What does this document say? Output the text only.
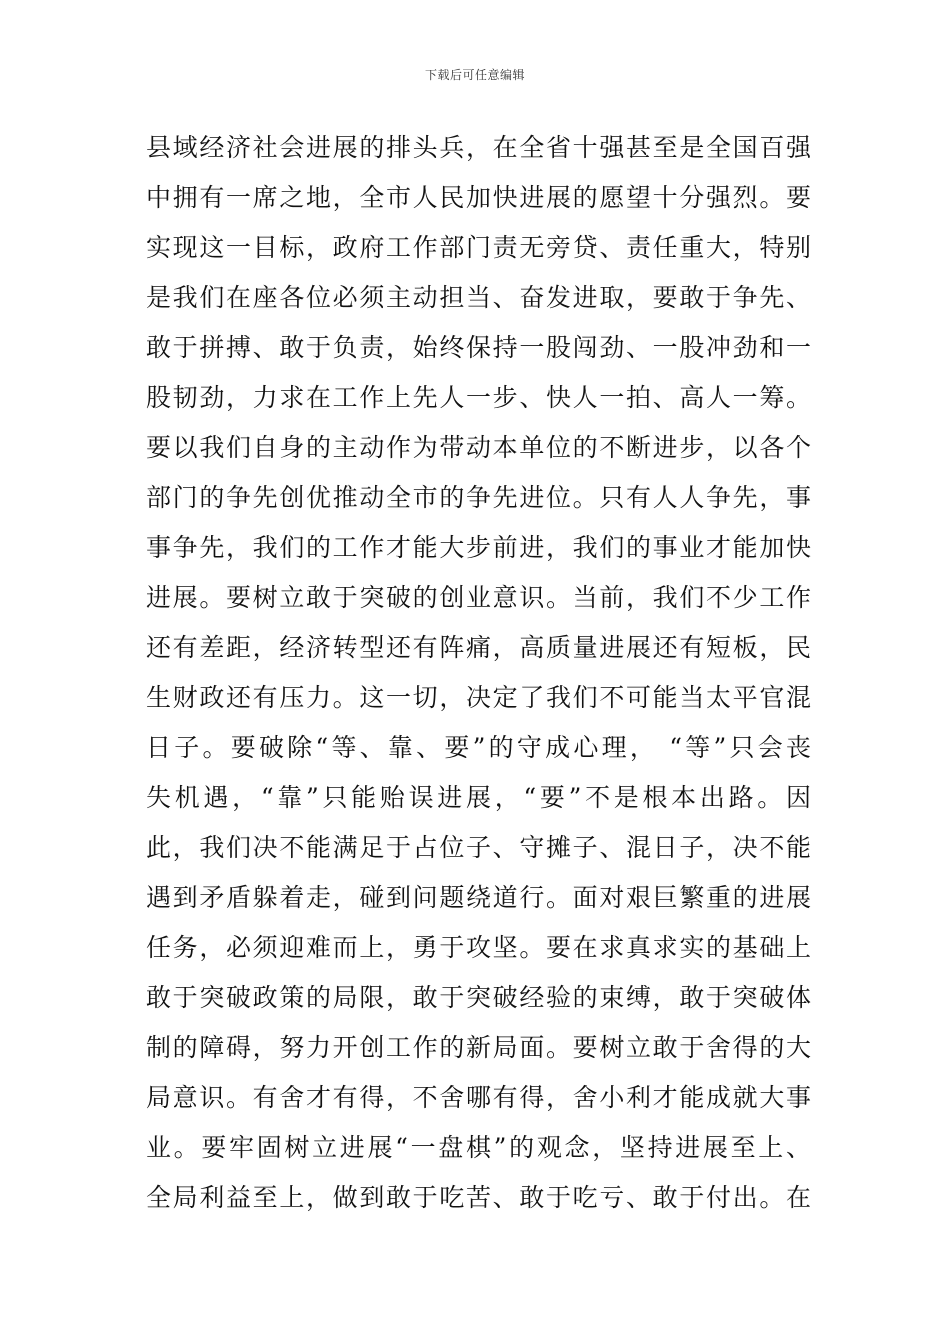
下载后可任意编辑
县域经济社会进展的排头兵，在全省十强甚至是全国百强
中拥有一席之地，全市人民加快进展的愿望十分强烈。要
实现这一目标，政府工作部门责无旁贷、责任重大，特别
是我们在座各位必须主动担当、奋发进取，要敢于争先、
敢于拼搏、敢于负责，始终保持一股闯劲、一股冲劲和一
股韧劲，力求在工作上先人一步、快人一拍、高人一筹。
要以我们自身的主动作为带动本单位的不断进步，以各个
部门的争先创优推动全市的争先进位。只有人人争先，事
事争先，我们的工作才能大步前进，我们的事业才能加快
进展。要树立敢于突破的创业意识。当前，我们不少工作
还有差距，经济转型还有阵痛，高质量进展还有短板，民
生财政还有压力。这一切，决定了我们不可能当太平官混
日子。要破除“等、靠、要”的守成心理， “等”只会丧
失机遇，“靠”只能贻误进展，“要”不是根本出路。因
此，我们决不能满足于占位子、守摊子、混日子，决不能
遇到矛盾躲着走，碰到问题绕道行。面对艰巨繁重的进展
任务，必须迎难而上，勇于攻坚。要在求真求实的基础上
敢于突破政策的局限，敢于突破经验的束缚，敢于突破体
制的障碍，努力开创工作的新局面。要树立敢于舍得的大
局意识。有舍才有得，不舍哪有得，舍小利才能成就大事
业。要牢固树立进展“一盘棋”的观念，坚持进展至上、
全局利益至上，做到敢于吃苦、敢于吃亏、敢于付出。在
